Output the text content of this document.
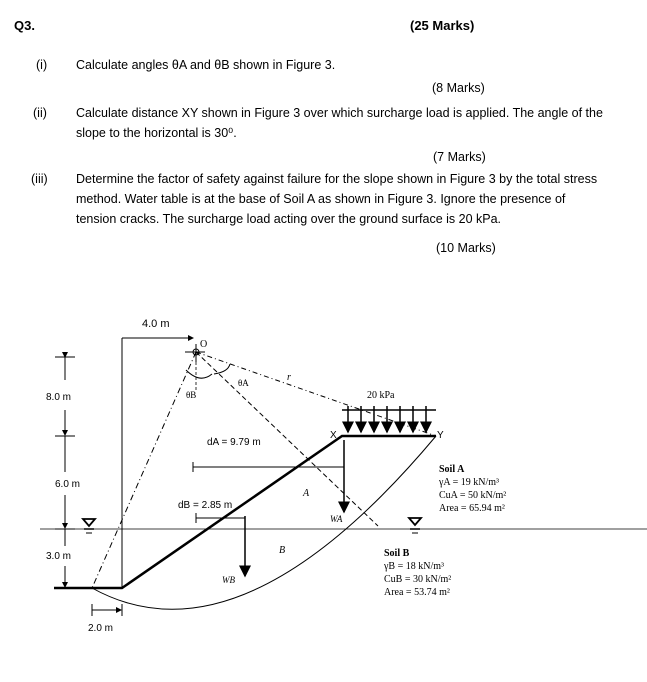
Q3.	(25 Marks)
(i) Calculate angles θA and θB shown in Figure 3.
(8 Marks)
(ii) Calculate distance XY shown in Figure 3 over which surcharge load is applied. The angle of the slope to the horizontal is 30⁰.
(7 Marks)
(iii) Determine the factor of safety against failure for the slope shown in Figure 3 by the total stress method. Water table is at the base of Soil A as shown in Figure 3. Ignore the presence of tension cracks. The surcharge load acting over the ground surface is 20 kPa.
(10 Marks)
4.0 m
O
θB
θA	r
20 kPa
X	Y
dA = 9.79 m
WA
A
dB = 2.85 m
WB
B
8.0 m
6.0 m
3.0 m
2.0 m
Soil A
γA = 19 kN/m³
CuA = 50 kN/m²
Area = 65.94 m²
Soil B
γB = 18 kN/m³
CuB = 30 kN/m²
Area = 53.74 m²
